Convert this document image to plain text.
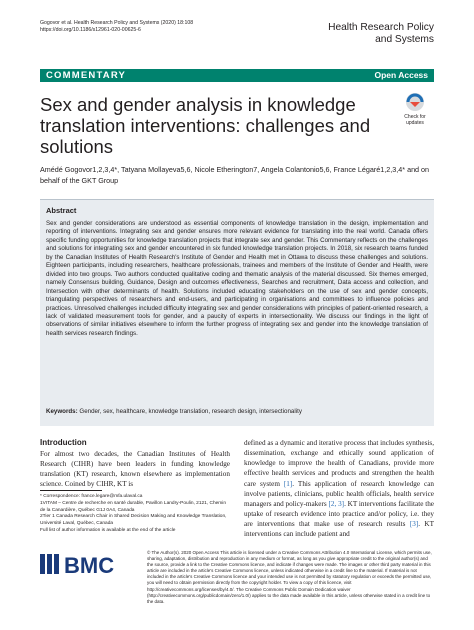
Gogovor et al. Health Research Policy and Systems (2020) 18:108
https://doi.org/10.1186/s12961-020-00625-6	Health Research Policy
and Systems
COMMENTARY	Open Access
Sex and gender analysis in knowledge translation interventions: challenges and solutions
Check for
updates
Amédé Gogovor1,2,3,4*, Tatyana Mollayeva5,6, Nicole Etherington7, Angela Colantonio5,6, France Légaré1,2,3,4* and on behalf of the GKT Group
Abstract
Sex and gender considerations are understood as essential components of knowledge translation in the design, implementation and reporting of interventions. Integrating sex and gender ensures more relevant evidence for translating into the real world. Canada offers specific funding opportunities for knowledge translation projects that integrate sex and gender. This Commentary reflects on the challenges and solutions for integrating sex and gender encountered in six funded knowledge translation projects. In 2018, six research teams funded by the Canadian Institutes of Health Research's Institute of Gender and Health met in Ottawa to discuss these challenges and solutions. Eighteen participants, including researchers, healthcare professionals, trainees and members of the Institute of Gender and Health, were divided into two groups. Two authors conducted qualitative coding and thematic analysis of the material discussed. Six themes emerged, namely Consensus building, Guidance, Design and outcomes effectiveness, Searches and recruitment, Data access and collection, and Intersection with other determinants of health. Solutions included educating stakeholders on the use of sex and gender concepts, triangulating perspectives of researchers and end-users, and participating in organisations and committees to influence policies and practices. Unresolved challenges included difficulty integrating sex and gender considerations with principles of patient-oriented research, a lack of validated measurement tools for gender, and a paucity of experts in intersectionality. We discuss our findings in the light of observations of similar initiatives elsewhere to inform the further progress of integrating sex and gender into the knowledge translation of health services research findings.
Keywords: Gender, sex, healthcare, knowledge translation, research design, intersectionality
Introduction
For almost two decades, the Canadian Institutes of Health Research (CIHR) have been leaders in funding knowledge translation (KT) research, known elsewhere as implementation science. Coined by CIHR, KT is
defined as a dynamic and iterative process that includes synthesis, dissemination, exchange and ethically sound application of knowledge to improve the health of Canadians, provide more effective health services and products and strengthen the health care system [1]. This application of research knowledge can involve patients, clinicians, public health officials, health service managers and policy-makers [2, 3]. KT interventions facilitate the uptake of research evidence into practice and/or policy, i.e. they are interventions that make use of research results [3]. KT interventions can include patient and
* Correspondence: france.legare@mfa.ulaval.ca
1VITAM – Centre de recherche en santé durable, Pavillon Landry-Poulin, 2121, Chemin de la Canardière, Québec G1J 0A4, Canada
2Tier 1 Canada Research Chair in Shared Decision Making and Knowledge Translation, Université Laval, Québec, Canada
Full list of author information is available at the end of the article
BMC
© The Author(s). 2020 Open Access This article is licensed under a Creative Commons Attribution 4.0 International License, which permits use, sharing, adaptation, distribution and reproduction in any medium or format, as long as you give appropriate credit to the original author(s) and the source, provide a link to the Creative Commons licence, and indicate if changes were made. The images or other third party material in this article are included in the article's Creative Commons licence, unless indicated otherwise in a credit line to the material. If material is not included in the article's Creative Commons licence and your intended use is not permitted by statutory regulation or exceeds the permitted use, you will need to obtain permission directly from the copyright holder. To view a copy of this licence, visit http://creativecommons.org/licenses/by/4.0/. The Creative Commons Public Domain Dedication waiver (http://creativecommons.org/publicdomain/zero/1.0/) applies to the data made available in this article, unless otherwise stated in a credit line to the data.
